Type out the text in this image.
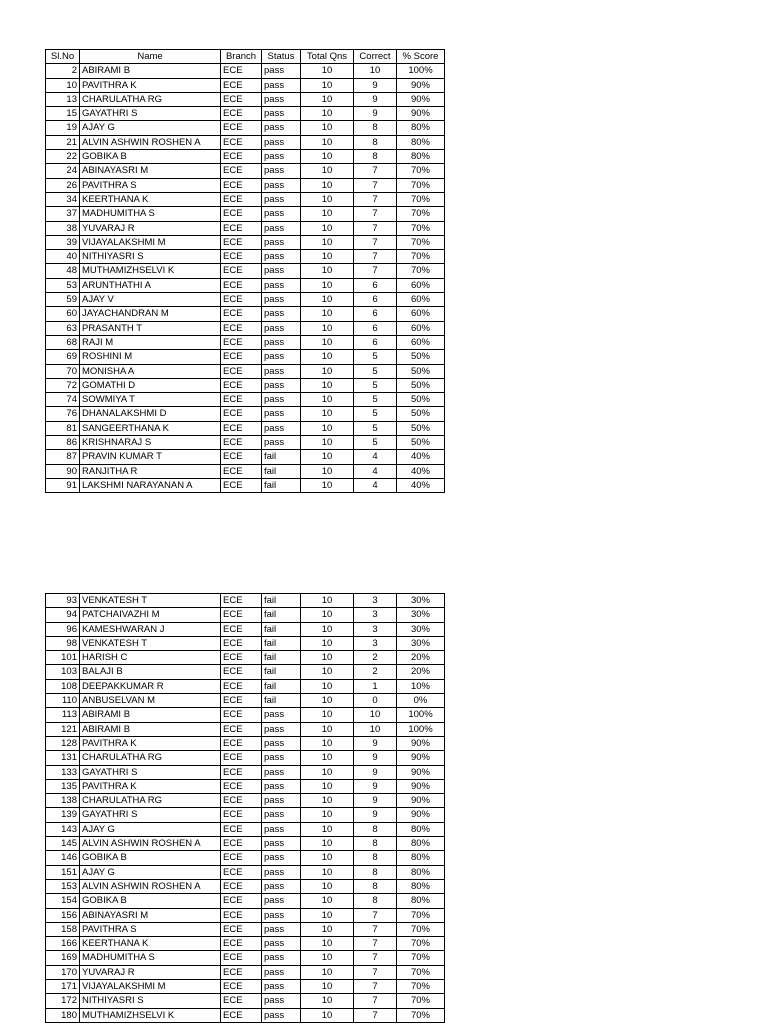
Sl.No	Name	Branch	Status	Total Qns	Correct	% Score
2	ABIRAMI B	ECE	pass	10	10	100%
10	PAVITHRA K	ECE	pass	10	9	90%
13	CHARULATHA RG	ECE	pass	10	9	90%
15	GAYATHRI S	ECE	pass	10	9	90%
19	AJAY G	ECE	pass	10	8	80%
21	ALVIN ASHWIN ROSHEN A	ECE	pass	10	8	80%
22	GOBIKA B	ECE	pass	10	8	80%
24	ABINAYASRI M	ECE	pass	10	7	70%
26	PAVITHRA S	ECE	pass	10	7	70%
34	KEERTHANA K	ECE	pass	10	7	70%
37	MADHUMITHA S	ECE	pass	10	7	70%
38	YUVARAJ R	ECE	pass	10	7	70%
39	VIJAYALAKSHMI M	ECE	pass	10	7	70%
40	NITHIYASRI S	ECE	pass	10	7	70%
48	MUTHAMIZHSELVI K	ECE	pass	10	7	70%
53	ARUNTHATHI A	ECE	pass	10	6	60%
59	AJAY V	ECE	pass	10	6	60%
60	JAYACHANDRAN M	ECE	pass	10	6	60%
63	PRASANTH T	ECE	pass	10	6	60%
68	RAJI M	ECE	pass	10	6	60%
69	ROSHINI M	ECE	pass	10	5	50%
70	MONISHA A	ECE	pass	10	5	50%
72	GOMATHI D	ECE	pass	10	5	50%
74	SOWMIYA T	ECE	pass	10	5	50%
76	DHANALAKSHMI D	ECE	pass	10	5	50%
81	SANGEERTHANA K	ECE	pass	10	5	50%
86	KRISHNARAJ S	ECE	pass	10	5	50%
87	PRAVIN KUMAR T	ECE	fail	10	4	40%
90	RANJITHA R	ECE	fail	10	4	40%
91	LAKSHMI NARAYANAN A	ECE	fail	10	4	40%
93	VENKATESH T	ECE	fail	10	3	30%
94	PATCHAIVAZHI M	ECE	fail	10	3	30%
96	KAMESHWARAN J	ECE	fail	10	3	30%
98	VENKATESH T	ECE	fail	10	3	30%
101	HARISH C	ECE	fail	10	2	20%
103	BALAJI B	ECE	fail	10	2	20%
108	DEEPAKKUMAR R	ECE	fail	10	1	10%
110	ANBUSELVAN M	ECE	fail	10	0	0%
113	ABIRAMI B	ECE	pass	10	10	100%
121	ABIRAMI B	ECE	pass	10	10	100%
128	PAVITHRA K	ECE	pass	10	9	90%
131	CHARULATHA RG	ECE	pass	10	9	90%
133	GAYATHRI S	ECE	pass	10	9	90%
135	PAVITHRA K	ECE	pass	10	9	90%
138	CHARULATHA RG	ECE	pass	10	9	90%
139	GAYATHRI S	ECE	pass	10	9	90%
143	AJAY G	ECE	pass	10	8	80%
145	ALVIN ASHWIN ROSHEN A	ECE	pass	10	8	80%
146	GOBIKA B	ECE	pass	10	8	80%
151	AJAY G	ECE	pass	10	8	80%
153	ALVIN ASHWIN ROSHEN A	ECE	pass	10	8	80%
154	GOBIKA B	ECE	pass	10	8	80%
156	ABINAYASRI M	ECE	pass	10	7	70%
158	PAVITHRA S	ECE	pass	10	7	70%
166	KEERTHANA K	ECE	pass	10	7	70%
169	MADHUMITHA S	ECE	pass	10	7	70%
170	YUVARAJ R	ECE	pass	10	7	70%
171	VIJAYALAKSHMI M	ECE	pass	10	7	70%
172	NITHIYASRI S	ECE	pass	10	7	70%
180	MUTHAMIZHSELVI K	ECE	pass	10	7	70%
